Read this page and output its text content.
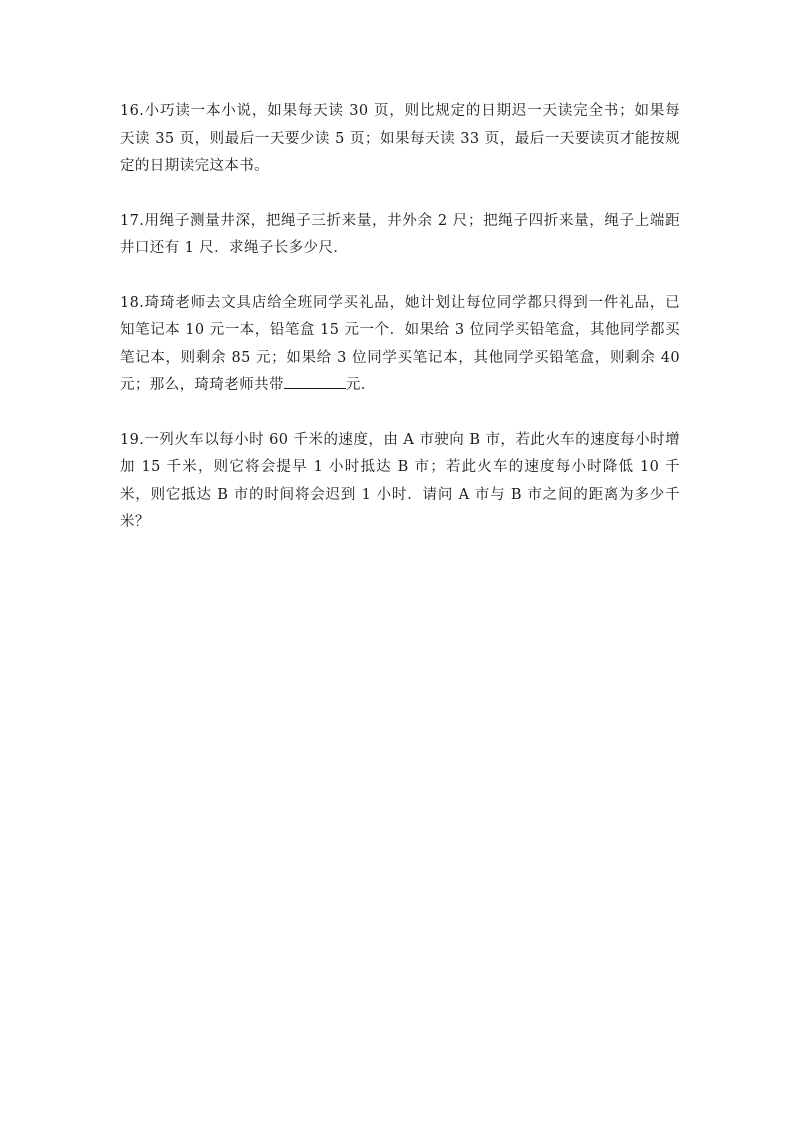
16.小巧读一本小说，如果每天读 30 页，则比规定的日期迟一天读完全书；如果每天读 35 页，则最后一天要少读 5 页；如果每天读 33 页，最后一天要读页才能按规定的日期读完这本书。

17.用绳子测量井深，把绳子三折来量，井外余 2 尺；把绳子四折来量，绳子上端距井口还有 1 尺．求绳子长多少尺．

18.琦琦老师去文具店给全班同学买礼品，她计划让每位同学都只得到一件礼品，已知笔记本 10 元一本，铅笔盒 15 元一个．如果给 3 位同学买铅笔盒，其他同学都买笔记本，则剩余 85 元；如果给 3 位同学买笔记本，其他同学买铅笔盒，则剩余 40 元；那么，琦琦老师共带	元．

19.一列火车以每小时 60 千米的速度，由 A 市驶向 B 市，若此火车的速度每小时增加 15 千米，则它将会提早 1 小时抵达 B 市；若此火车的速度每小时降低 10 千米，则它抵达 B 市的时间将会迟到 1 小时．请问 A 市与 B 市之间的距离为多少千米？
